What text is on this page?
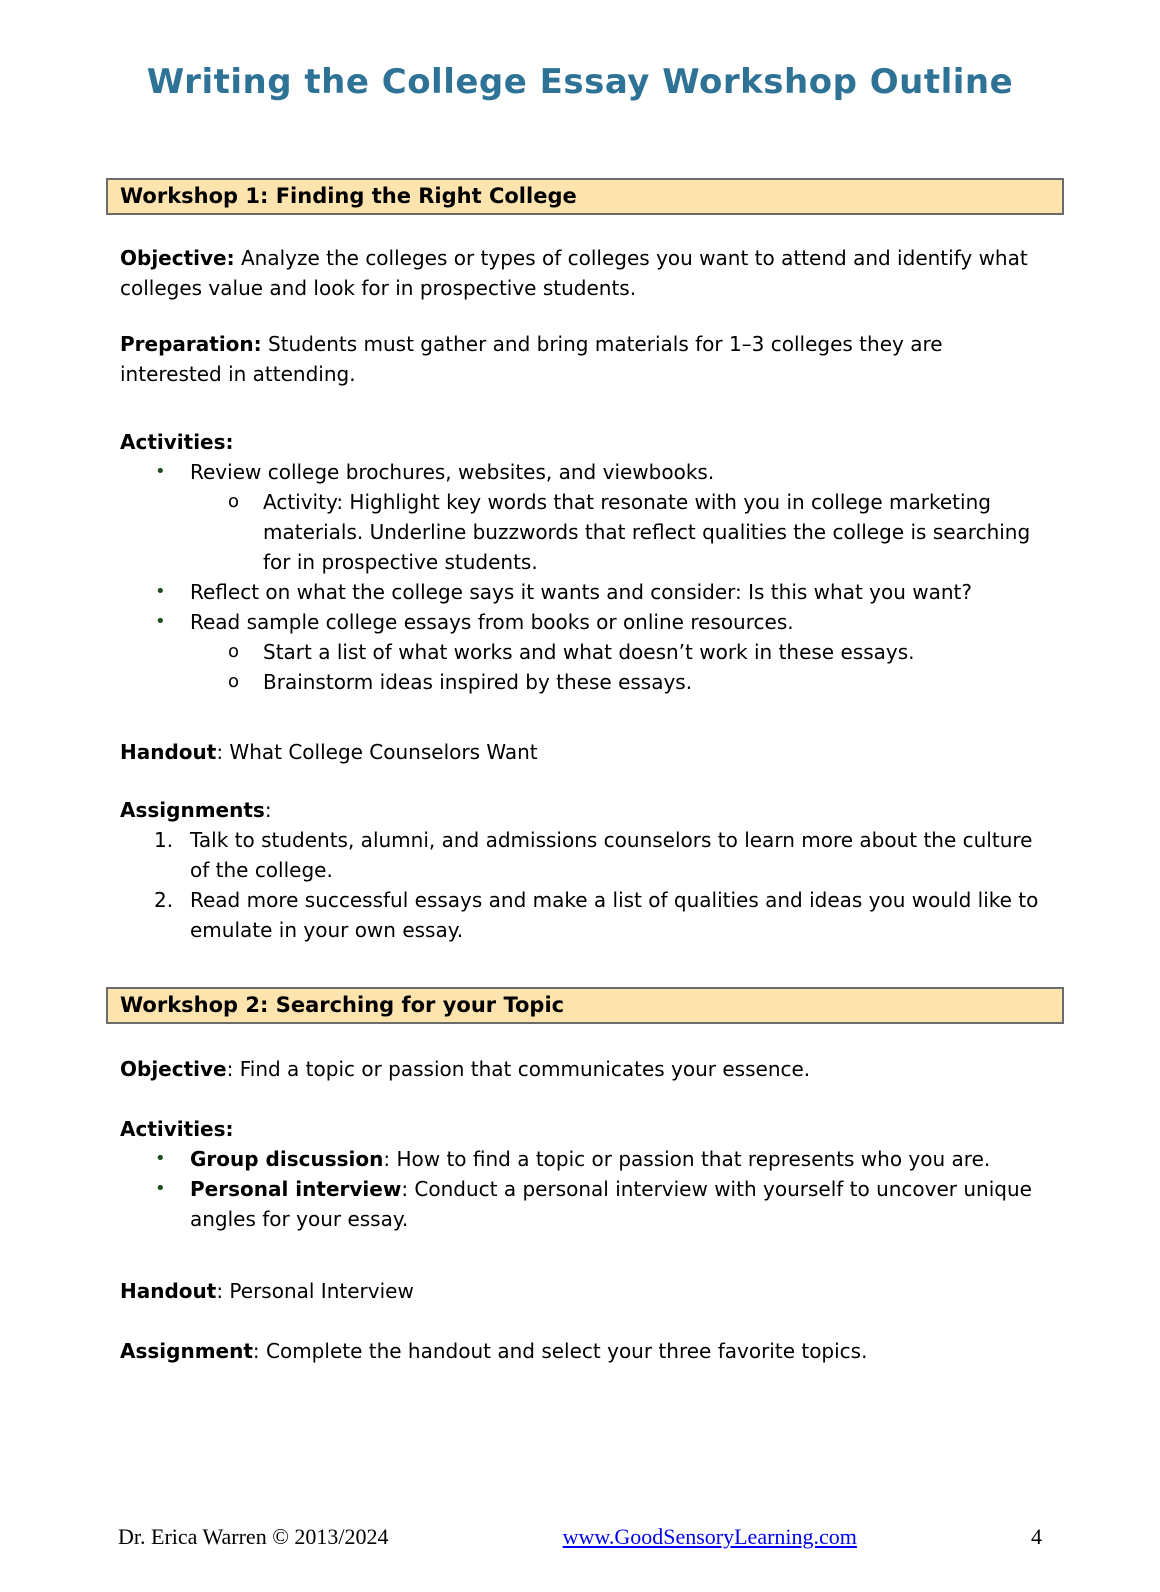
Writing the College Essay Workshop Outline
Workshop 1: Finding the Right College

Objective: Analyze the colleges or types of colleges you want to attend and identify what colleges value and look for in prospective students.

Preparation: Students must gather and bring materials for 1–3 colleges they are interested in attending.

Activities:

•	Review college brochures, websites, and viewbooks.
o	Activity: Highlight key words that resonate with you in college marketing materials. Underline buzzwords that reflect qualities the college is searching for in prospective students.
•	Reflect on what the college says it wants and consider: Is this what you want?
•	Read sample college essays from books or online resources.
o	Start a list of what works and what doesn’t work in these essays.
o	Brainstorm ideas inspired by these essays.

Handout: What College Counselors Want

Assignments:

1. Talk to students, alumni, and admissions counselors to learn more about the culture of the college.
2. Read more successful essays and make a list of qualities and ideas you would like to emulate in your own essay.
Workshop 2: Searching for your Topic

Objective: Find a topic or passion that communicates your essence.

Activities:

•	Group discussion: How to find a topic or passion that represents who you are.
•	Personal interview: Conduct a personal interview with yourself to uncover unique angles for your essay.

Handout: Personal Interview

Assignment: Complete the handout and select your three favorite topics.

Dr. Erica Warren © 2013/2024	www.GoodSensoryLearning.com	4
